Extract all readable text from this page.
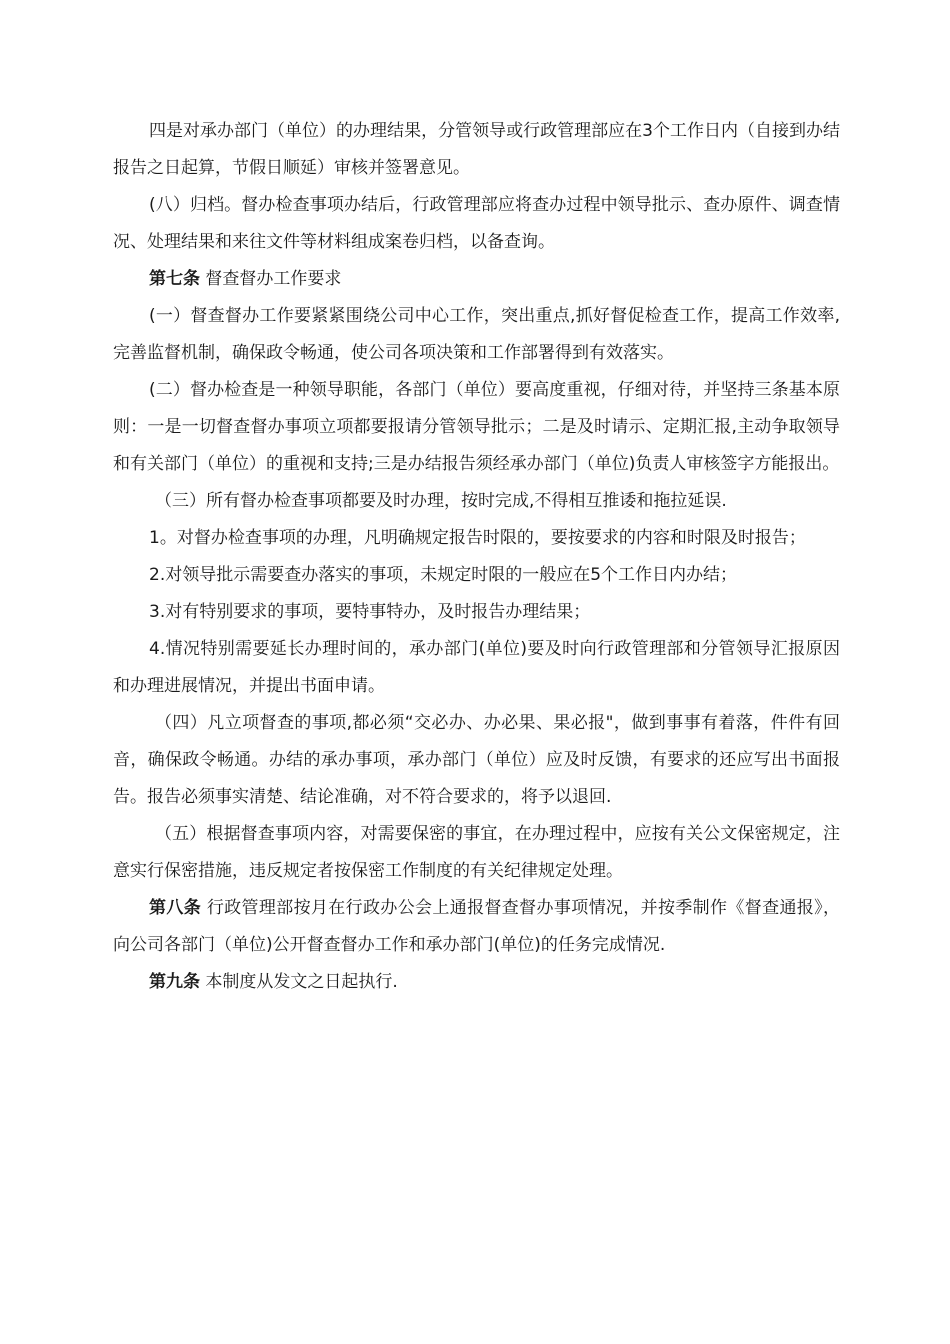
四是对承办部门（单位）的办理结果，分管领导或行政管理部应在3个工作日内（自接到办结报告之日起算，节假日顺延）审核并签署意见。

(八）归档。督办检查事项办结后，行政管理部应将查办过程中领导批示、查办原件、调查情况、处理结果和来往文件等材料组成案卷归档，以备查询。

第七条 督查督办工作要求

(一）督查督办工作要紧紧围绕公司中心工作，突出重点,抓好督促检查工作，提高工作效率,完善监督机制，确保政令畅通，使公司各项决策和工作部署得到有效落实。

(二）督办检查是一种领导职能，各部门（单位）要高度重视，仔细对待，并坚持三条基本原则：一是一切督查督办事项立项都要报请分管领导批示；二是及时请示、定期汇报,主动争取领导和有关部门（单位）的重视和支持;三是办结报告须经承办部门（单位)负责人审核签字方能报出。

（三）所有督办检查事项都要及时办理，按时完成,不得相互推诿和拖拉延误.

1。对督办检查事项的办理，凡明确规定报告时限的，要按要求的内容和时限及时报告；

2.对领导批示需要查办落实的事项，未规定时限的一般应在5个工作日内办结；

3.对有特别要求的事项，要特事特办，及时报告办理结果；

4.情况特别需要延长办理时间的，承办部门(单位)要及时向行政管理部和分管领导汇报原因和办理进展情况，并提出书面申请。

（四）凡立项督查的事项,都必须“交必办、办必果、果必报"，做到事事有着落，件件有回音，确保政令畅通。办结的承办事项，承办部门（单位）应及时反馈，有要求的还应写出书面报告。报告必须事实清楚、结论准确，对不符合要求的，将予以退回.

（五）根据督查事项内容，对需要保密的事宜，在办理过程中，应按有关公文保密规定，注意实行保密措施，违反规定者按保密工作制度的有关纪律规定处理。

第八条 行政管理部按月在行政办公会上通报督查督办事项情况，并按季制作《督查通报》，向公司各部门（单位)公开督查督办工作和承办部门(单位)的任务完成情况.

第九条 本制度从发文之日起执行.
